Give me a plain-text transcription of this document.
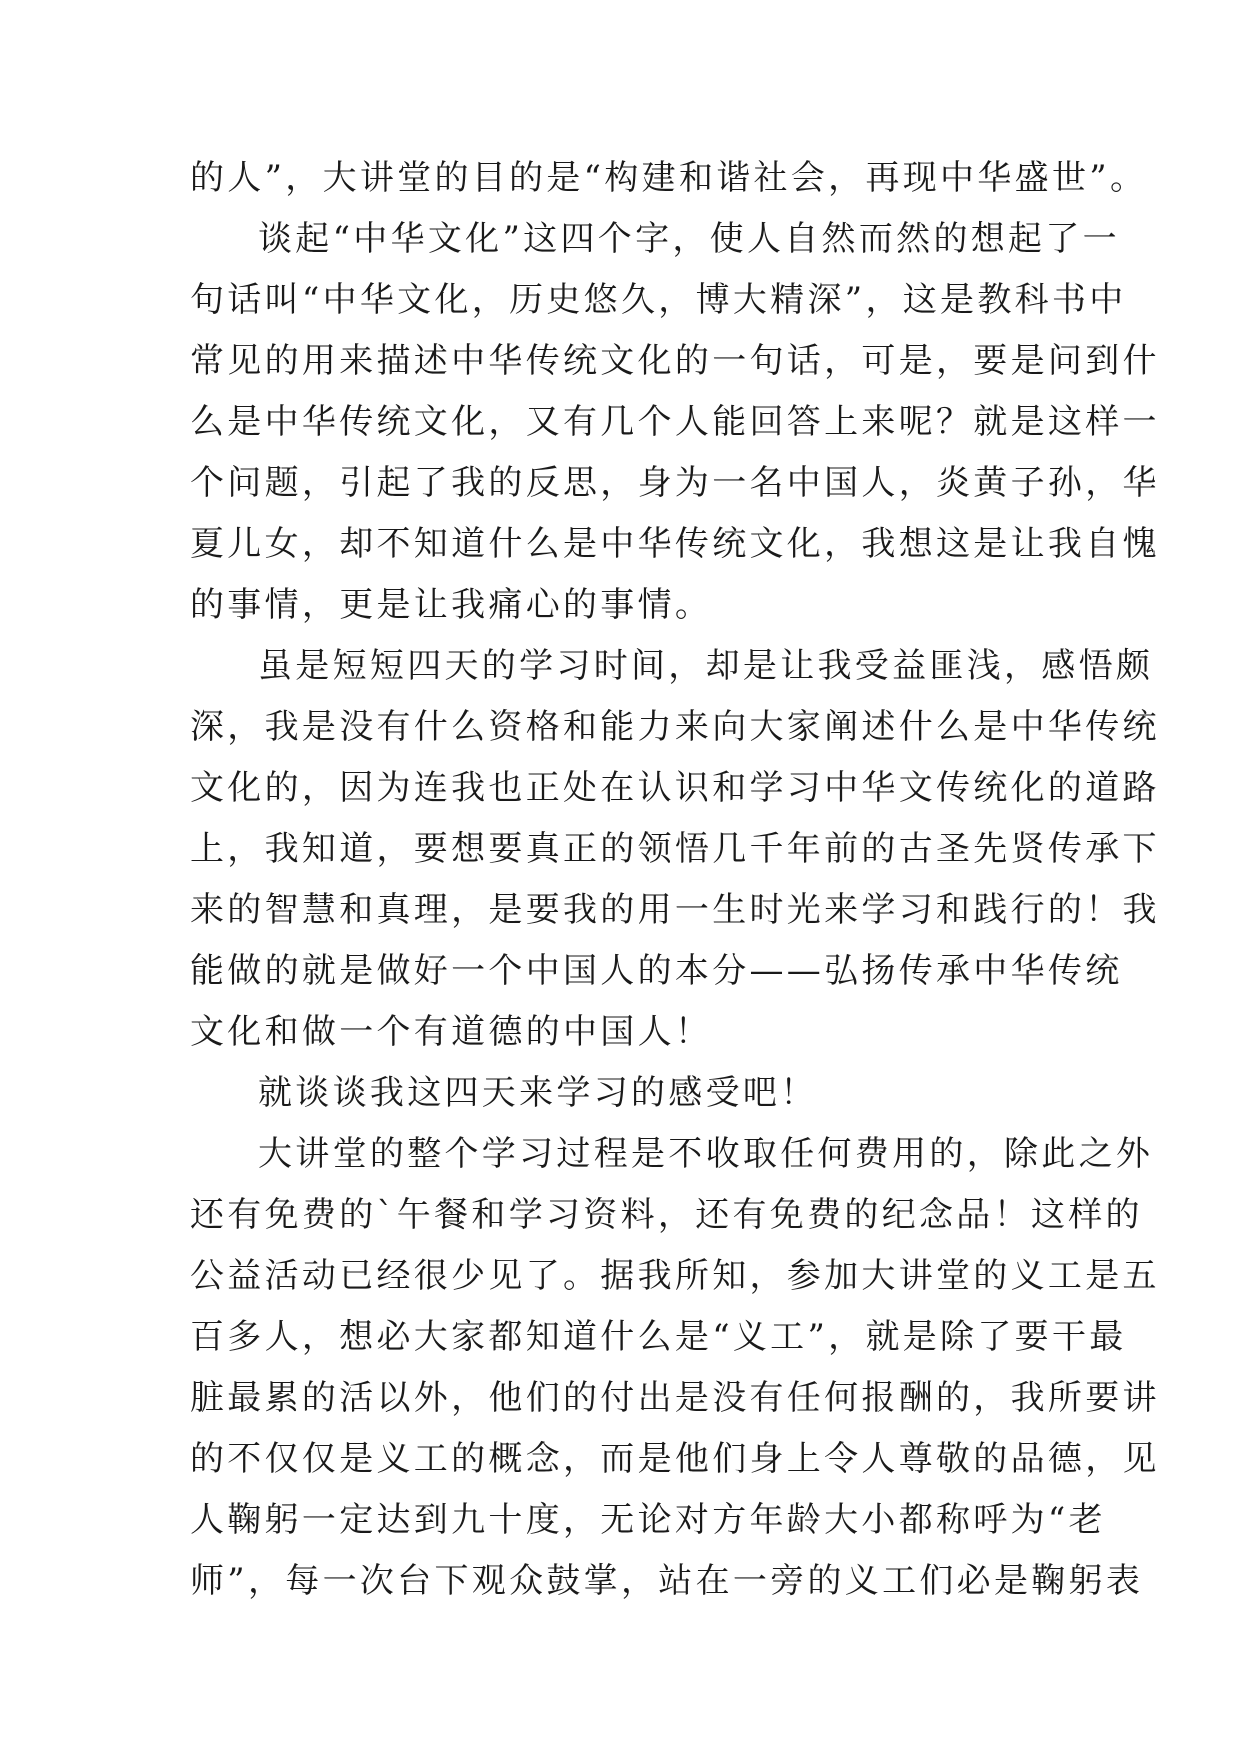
的人”，大讲堂的目的是“构建和谐社会，再现中华盛世”。
谈起“中华文化”这四个字，使人自然而然的想起了一
句话叫“中华文化，历史悠久，博大精深”，这是教科书中
常见的用来描述中华传统文化的一句话，可是，要是问到什
么是中华传统文化，又有几个人能回答上来呢？就是这样一
个问题，引起了我的反思，身为一名中国人，炎黄子孙，华
夏儿女，却不知道什么是中华传统文化，我想这是让我自愧
的事情，更是让我痛心的事情。
虽是短短四天的学习时间，却是让我受益匪浅，感悟颇
深，我是没有什么资格和能力来向大家阐述什么是中华传统
文化的，因为连我也正处在认识和学习中华文传统化的道路
上，我知道，要想要真正的领悟几千年前的古圣先贤传承下
来的智慧和真理，是要我的用一生时光来学习和践行的！我
能做的就是做好一个中国人的本分——弘扬传承中华传统
文化和做一个有道德的中国人！
就谈谈我这四天来学习的感受吧！
大讲堂的整个学习过程是不收取任何费用的，除此之外
还有免费的`午餐和学习资料，还有免费的纪念品！这样的
公益活动已经很少见了。据我所知，参加大讲堂的义工是五
百多人，想必大家都知道什么是“义工”，就是除了要干最
脏最累的活以外，他们的付出是没有任何报酬的，我所要讲
的不仅仅是义工的概念，而是他们身上令人尊敬的品德，见
人鞠躬一定达到九十度，无论对方年龄大小都称呼为“老
师”，每一次台下观众鼓掌，站在一旁的义工们必是鞠躬表
